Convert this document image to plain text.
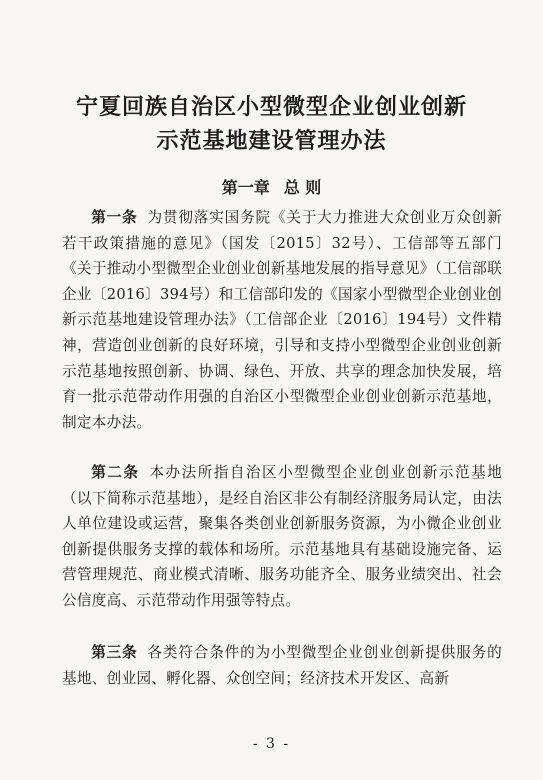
宁夏回族自治区小型微型企业创业创新
示范基地建设管理办法
第一章 总 则

第一条 为贯彻落实国务院《关于大力推进大众创业万众创新若干政策措施的意见》（国发〔2015〕32号）、工信部等五部门《关于推动小型微型企业创业创新基地发展的指导意见》（工信部联企业〔2016〕394号）和工信部印发的《国家小型微型企业创业创新示范基地建设管理办法》（工信部企业〔2016〕194号）文件精神，营造创业创新的良好环境，引导和支持小型微型企业创业创新示范基地按照创新、协调、绿色、开放、共享的理念加快发展，培育一批示范带动作用强的自治区小型微型企业创业创新示范基地，制定本办法。

第二条 本办法所指自治区小型微型企业创业创新示范基地（以下简称示范基地），是经自治区非公有制经济服务局认定，由法人单位建设或运营，聚集各类创业创新服务资源，为小微企业创业创新提供服务支撑的载体和场所。示范基地具有基础设施完备、运营管理规范、商业模式清晰、服务功能齐全、服务业绩突出、社会公信度高、示范带动作用强等特点。

第三条 各类符合条件的为小型微型企业创业创新提供服务的基地、创业园、孵化器、众创空间；经济技术开发区、高新

- 3 -
